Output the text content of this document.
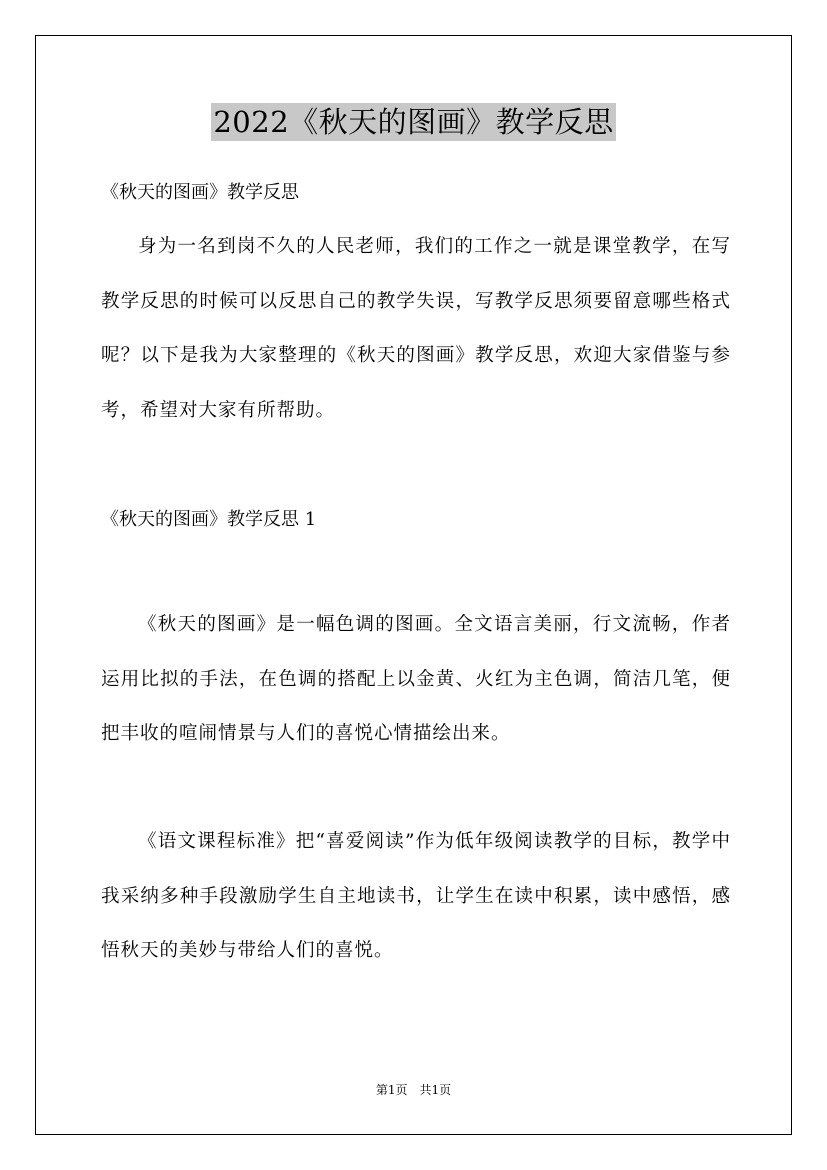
2022《秋天的图画》教学反思
《秋天的图画》教学反思

身为一名到岗不久的人民老师，我们的工作之一就是课堂教学，在写教学反思的时候可以反思自己的教学失误，写教学反思须要留意哪些格式呢？以下是我为大家整理的《秋天的图画》教学反思，欢迎大家借鉴与参考，希望对大家有所帮助。

《秋天的图画》教学反思 1

《秋天的图画》是一幅色调的图画。全文语言美丽，行文流畅，作者运用比拟的手法，在色调的搭配上以金黄、火红为主色调，简洁几笔，便把丰收的喧闹情景与人们的喜悦心情描绘出来。

《语文课程标准》把“喜爱阅读”作为低年级阅读教学的目标，教学中我采纳多种手段激励学生自主地读书，让学生在读中积累，读中感悟，感悟秋天的美妙与带给人们的喜悦。

第1页　共1页
